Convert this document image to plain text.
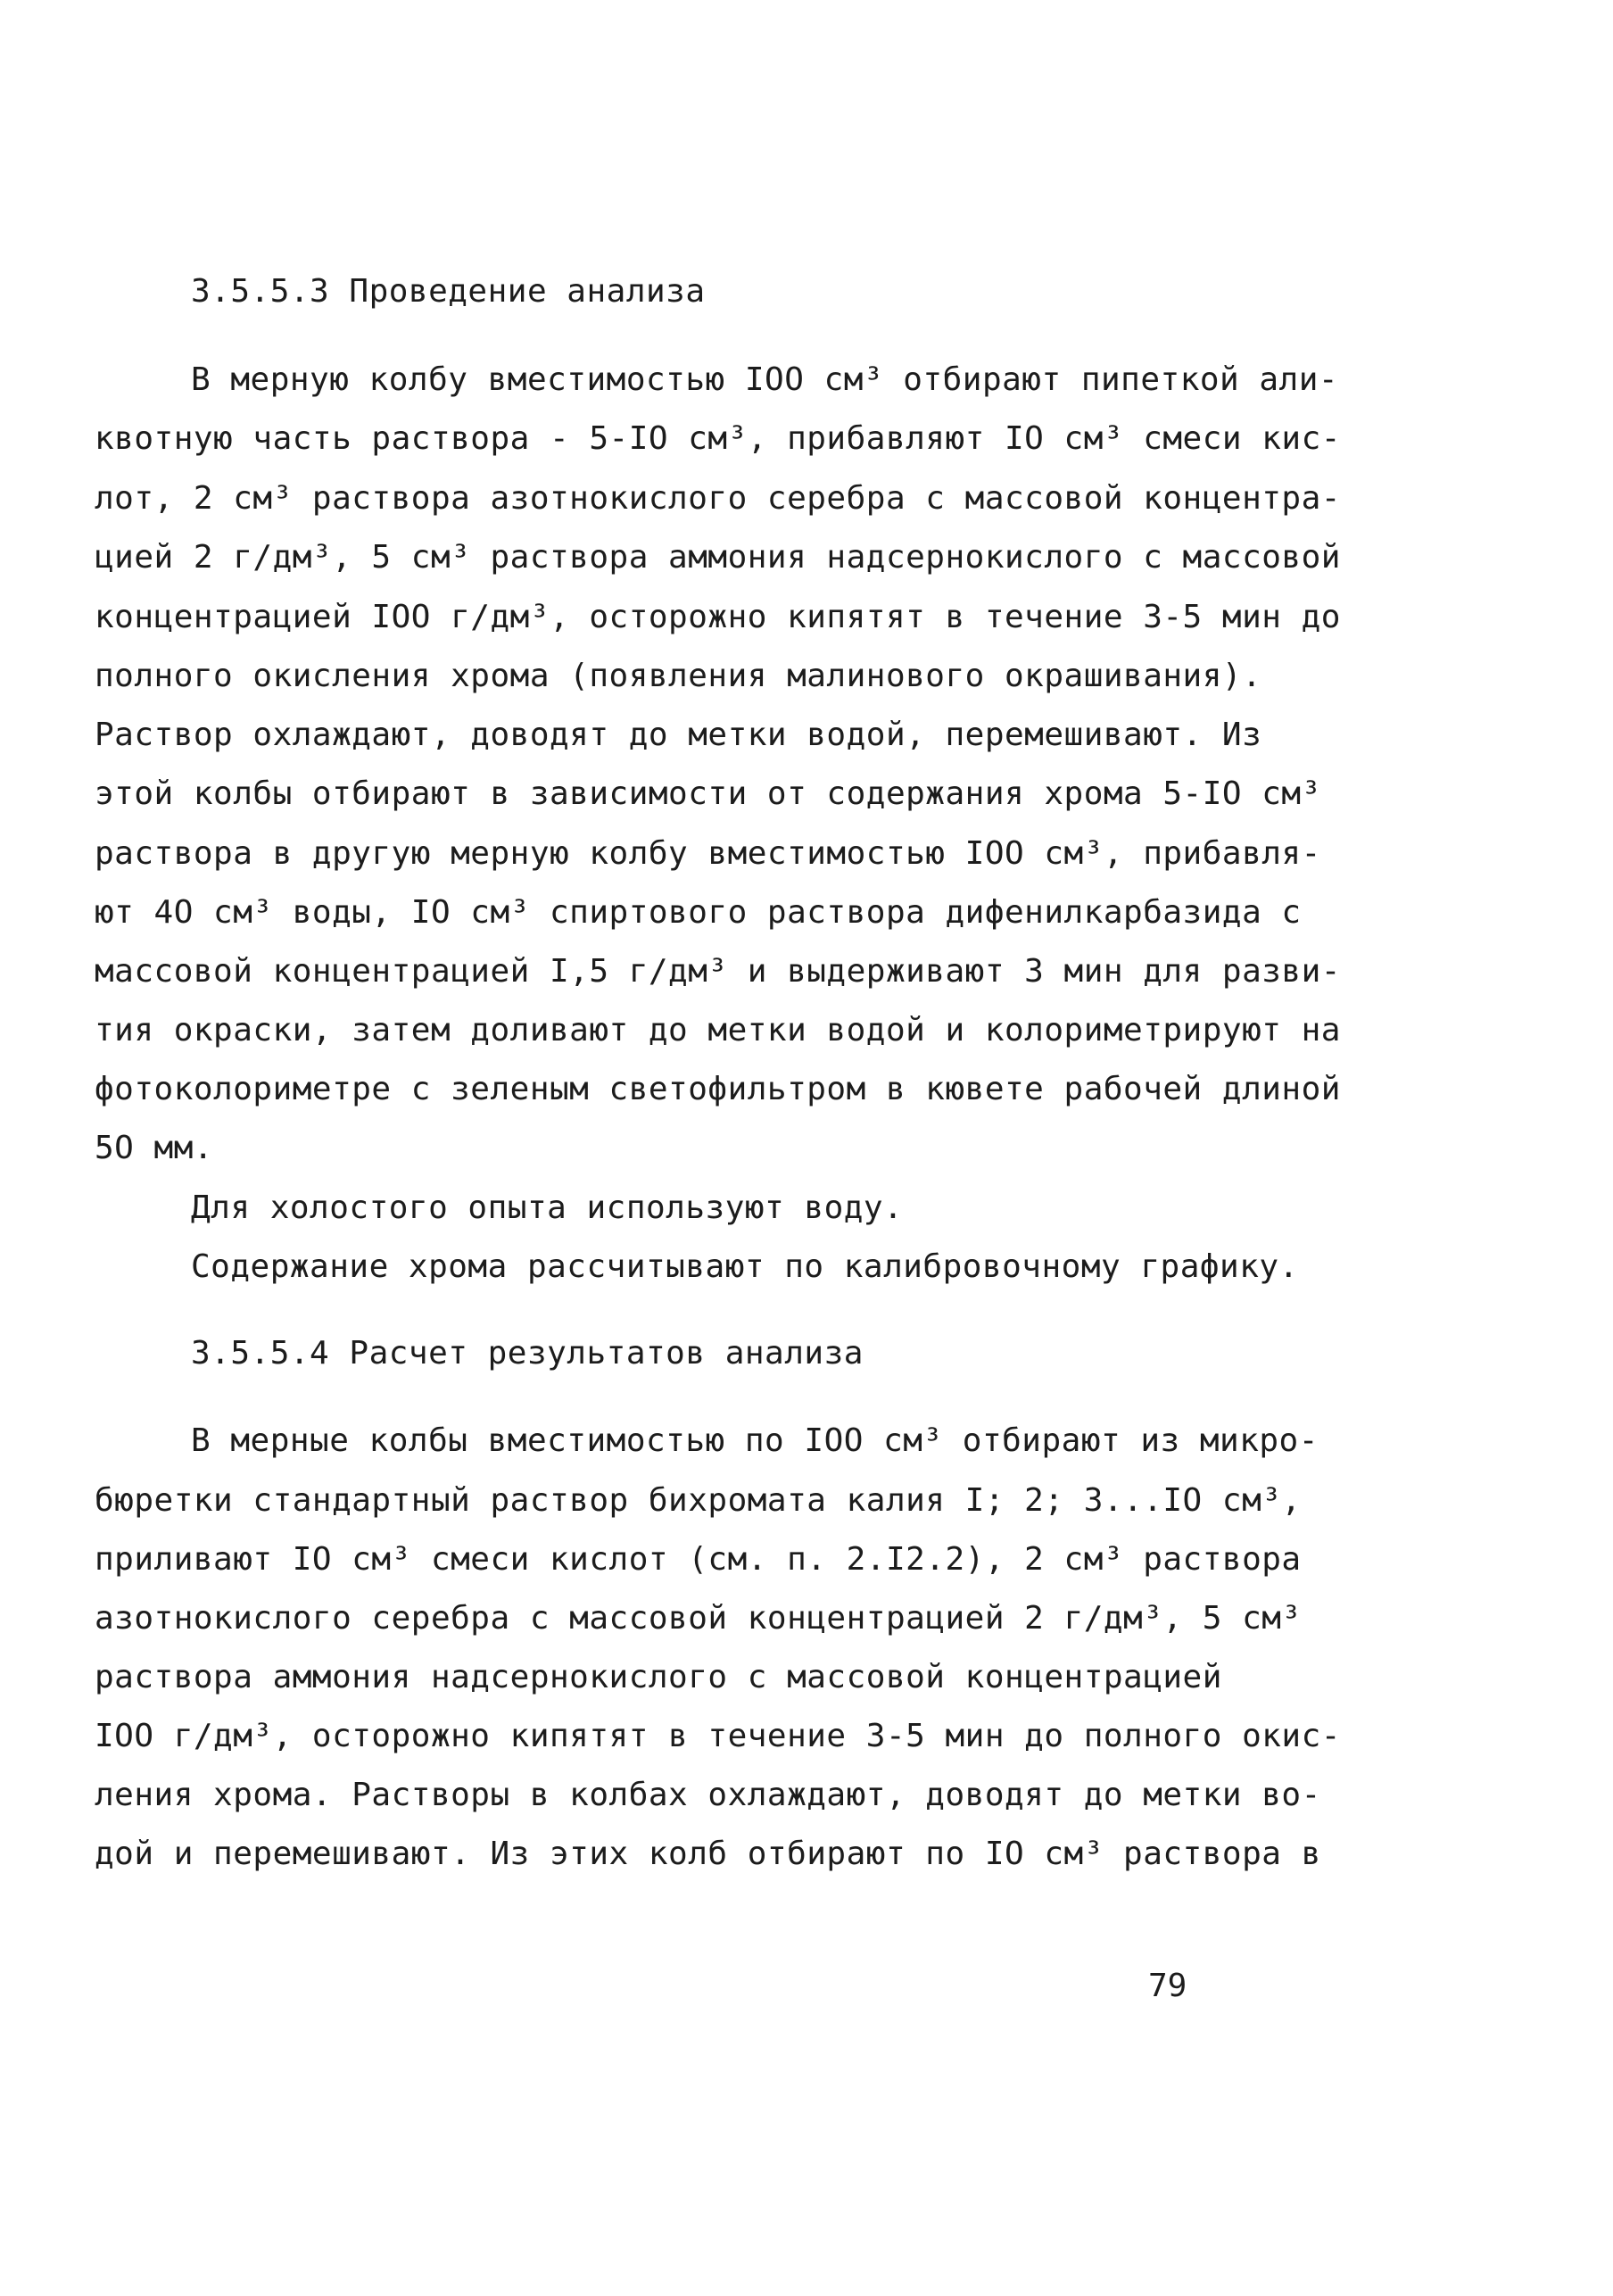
3.5.5.3 Проведение анализа
В мерную колбу вместимостью IOO см³ отбирают пипеткой али-
квотную часть раствора - 5-IO см³, прибавляют IO см³ смеси кис-
лот, 2 см³ раствора азотнокислого серебра с массовой концентра-
цией 2 г/дм³, 5 см³ раствора аммония надсернокислого с массовой
концентрацией IOO г/дм³, осторожно кипятят в течение 3-5 мин до
полного окисления хрома (появления малинового окрашивания).
Раствор охлаждают, доводят до метки водой, перемешивают. Из
этой колбы отбирают в зависимости от содержания хрома 5-IO см³
раствора в другую мерную колбу вместимостью IOO см³, прибавля-
ют 4O см³ воды, IO см³ спиртового раствора дифенилкарбазида с
массовой концентрацией I,5 г/дм³ и выдерживают 3 мин для разви-
тия окраски, затем доливают до метки водой и колориметрируют на
фотоколориметре с зеленым светофильтром в кювете рабочей длиной
5O мм.
Для холостого опыта используют воду.
Содержание хрома рассчитывают по калибровочному графику.
3.5.5.4 Расчет результатов анализа
В мерные колбы вместимостью по IOO см³ отбирают из микро-
бюретки стандартный раствор бихромата калия I; 2; 3...IO см³,
приливают IO см³ смеси кислот (см. п. 2.I2.2), 2 см³ раствора
азотнокислого серебра с массовой концентрацией 2 г/дм³, 5 см³
раствора аммония надсернокислого с массовой концентрацией
IOO г/дм³, осторожно кипятят в течение 3-5 мин до полного окис-
ления хрома. Растворы в колбах охлаждают, доводят до метки во-
дой и перемешивают. Из этих колб отбирают по IO см³ раствора в
79
